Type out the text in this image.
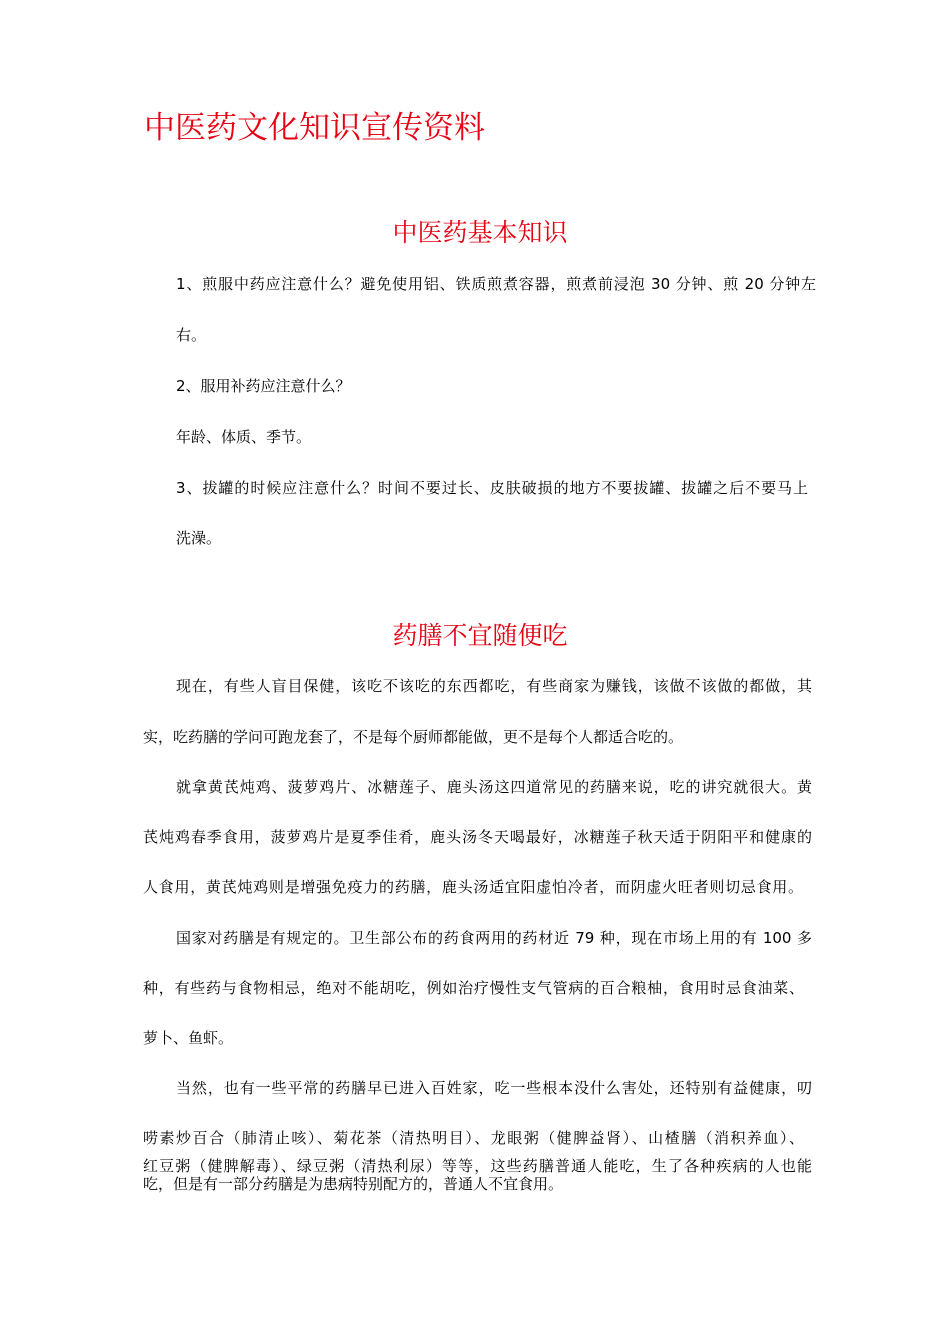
中医药文化知识宣传资料
中医药基本知识

1、煎服中药应注意什么？避免使用铝、铁质煎煮容器，煎煮前浸泡 30 分钟、煎 20 分钟左

右。

2、服用补药应注意什么？

年龄、体质、季节。

3、拔罐的时候应注意什么？时间不要过长、皮肤破损的地方不要拔罐、拔罐之后不要马上

洗澡。

药膳不宜随便吃

现在，有些人盲目保健，该吃不该吃的东西都吃，有些商家为赚钱，该做不该做的都做，其

实，吃药膳的学问可跑龙套了，不是每个厨师都能做，更不是每个人都适合吃的。

就拿黄芪炖鸡、菠萝鸡片、冰糖莲子、鹿头汤这四道常见的药膳来说，吃的讲究就很大。黄

芪炖鸡春季食用，菠萝鸡片是夏季佳肴，鹿头汤冬天喝最好，冰糖莲子秋天适于阴阳平和健康的

人食用，黄芪炖鸡则是增强免疫力的药膳，鹿头汤适宜阳虚怕冷者，而阴虚火旺者则切忌食用。

国家对药膳是有规定的。卫生部公布的药食两用的药材近 79 种，现在市场上用的有 100 多

种，有些药与食物相忌，绝对不能胡吃，例如治疗慢性支气管病的百合粮柚，食用时忌食油菜、

萝卜、鱼虾。

当然，也有一些平常的药膳早已进入百姓家，吃一些根本没什么害处，还特别有益健康，叨

唠素炒百合（肺清止咳）、菊花茶（清热明目）、龙眼粥（健脾益肾）、山楂膳（消积养血）、

红豆粥（健脾解毒）、绿豆粥（清热利尿）等等，这些药膳普通人能吃，生了各种疾病的人也能

吃，但是有一部分药膳是为患病特别配方的，普通人不宜食用。
